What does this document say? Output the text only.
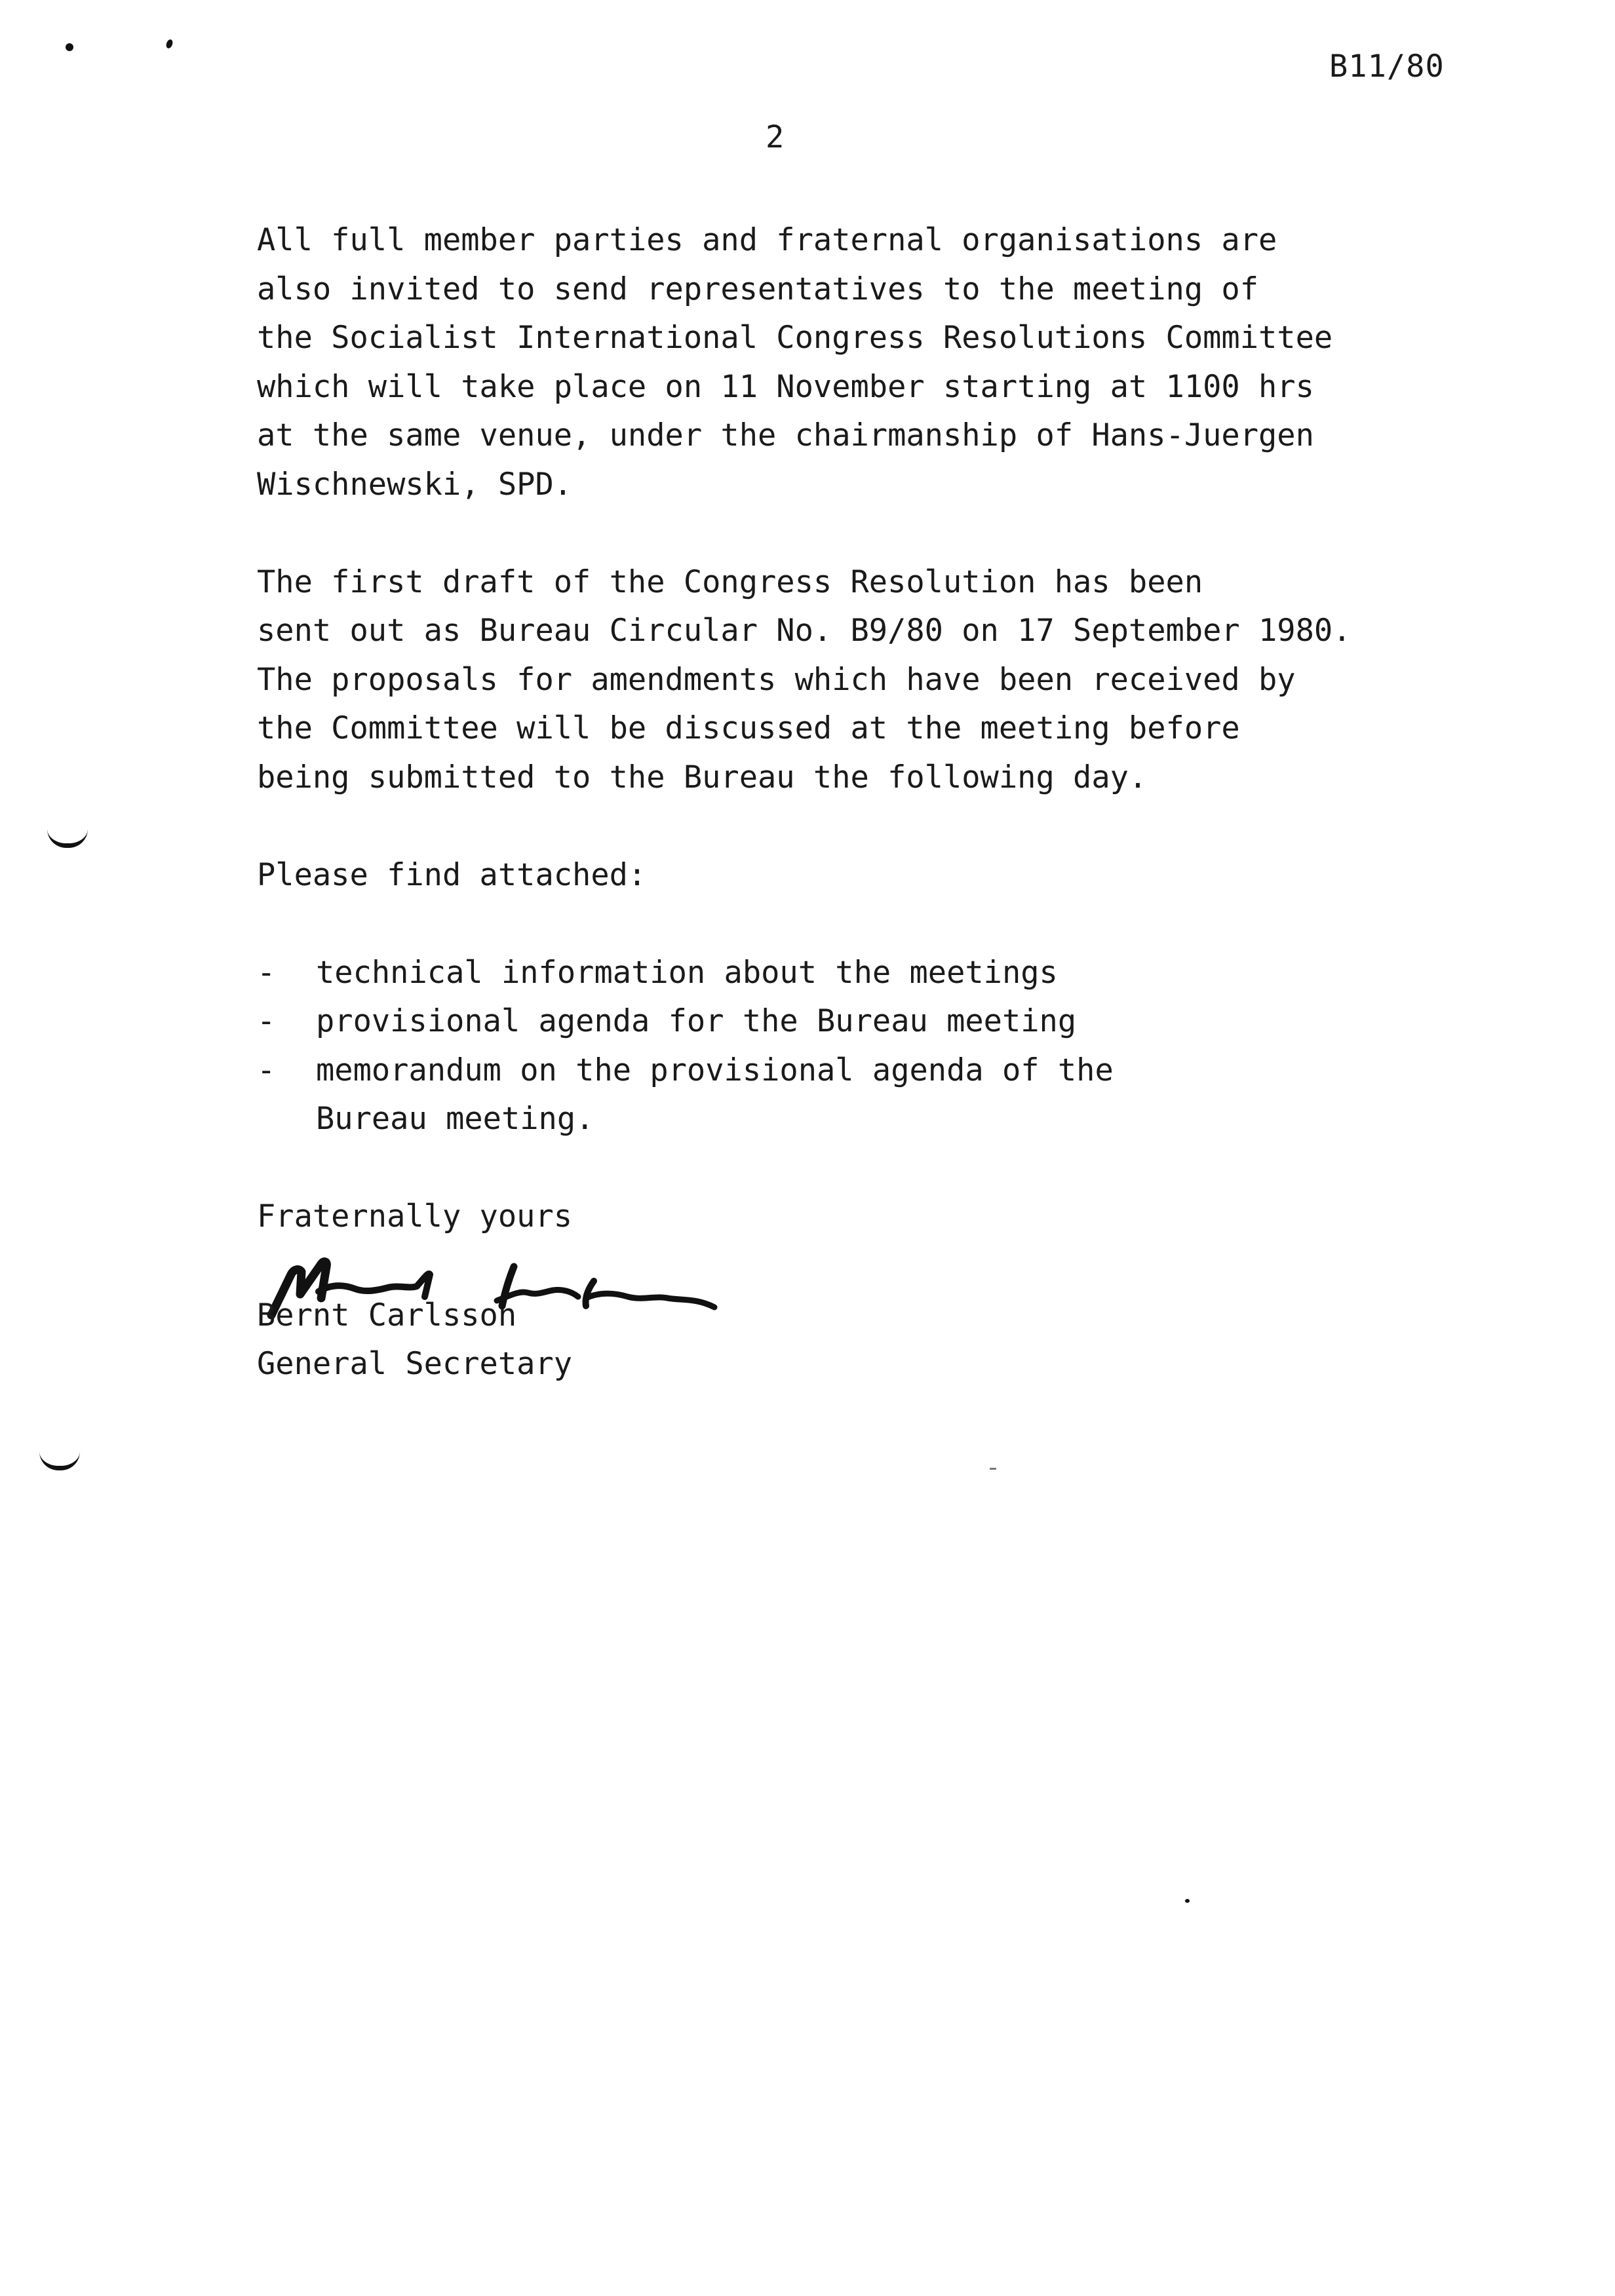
B11/80
2

All full member parties and fraternal organisations are
also invited to send representatives to the meeting of
the Socialist International Congress Resolutions Committee
which will take place on 11 November starting at 1100 hrs
at the same venue, under the chairmanship of Hans-Juergen
Wischnewski, SPD.

The first draft of the Congress Resolution has been
sent out as Bureau Circular No. B9/80 on 17 September 1980.
The proposals for amendments which have been received by
the Committee will be discussed at the meeting before
being submitted to the Bureau the following day.

Please find attached:

- technical information about the meetings
- provisional agenda for the Bureau meeting
- memorandum on the provisional agenda of the
Bureau meeting.

Fraternally yours

Bernt Carlsson

General Secretary
